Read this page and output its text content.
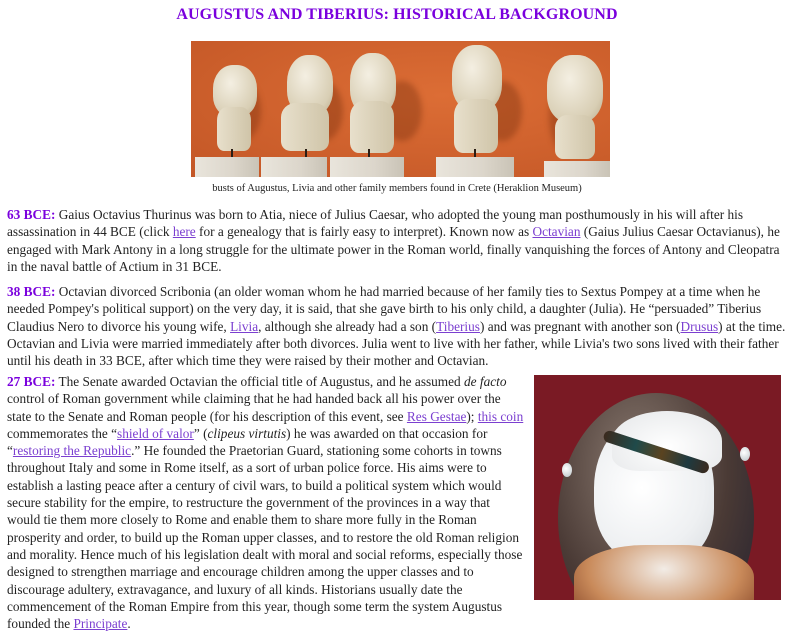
AUGUSTUS AND TIBERIUS: HISTORICAL BACKGROUND
busts of Augustus, Livia and other family members found in Crete (Heraklion Museum)

63 BCE: Gaius Octavius Thurinus was born to Atia, niece of Julius Caesar, who adopted the young man posthumously in his will after his assassination in 44 BCE (click here for a genealogy that is fairly easy to interpret). Known now as Octavian (Gaius Julius Caesar Octavianus), he engaged with Mark Antony in a long struggle for the ultimate power in the Roman world, finally vanquishing the forces of Antony and Cleopatra in the naval battle of Actium in 31 BCE.

38 BCE: Octavian divorced Scribonia (an older woman whom he had married because of her family ties to Sextus Pompey at a time when he needed Pompey's political support) on the very day, it is said, that she gave birth to his only child, a daughter (Julia). He “persuaded” Tiberius Claudius Nero to divorce his young wife, Livia, although she already had a son (Tiberius) and was pregnant with another son (Drusus) at the time. Octavian and Livia were married immediately after both divorces. Julia went to live with her father, while Livia's two sons lived with their father until his death in 33 BCE, after which time they were raised by their mother and Octavian.

27 BCE: The Senate awarded Octavian the official title of Augustus, and he assumed de facto control of Roman government while claiming that he had handed back all his power over the state to the Senate and Roman people (for his description of this event, see Res Gestae); this coin commemorates the “shield of valor” (clipeus virtutis) he was awarded on that occasion for “restoring the Republic.” He founded the Praetorian Guard, stationing some cohorts in towns throughout Italy and some in Rome itself, as a sort of urban police force. His aims were to establish a lasting peace after a century of civil wars, to build a political system which would secure stability for the empire, to restructure the government of the provinces in a way that would tie them more closely to Rome and enable them to share more fully in the Roman prosperity and order, to build up the Roman upper classes, and to restore the old Roman religion and morality. Hence much of his legislation dealt with moral and social reforms, especially those designed to strengthen marriage and encourage children among the upper classes and to discourage adultery, extravagance, and luxury of all kinds. Historians usually date the commencement of the Roman Empire from this year, though some term the system Augustus founded the Principate.
